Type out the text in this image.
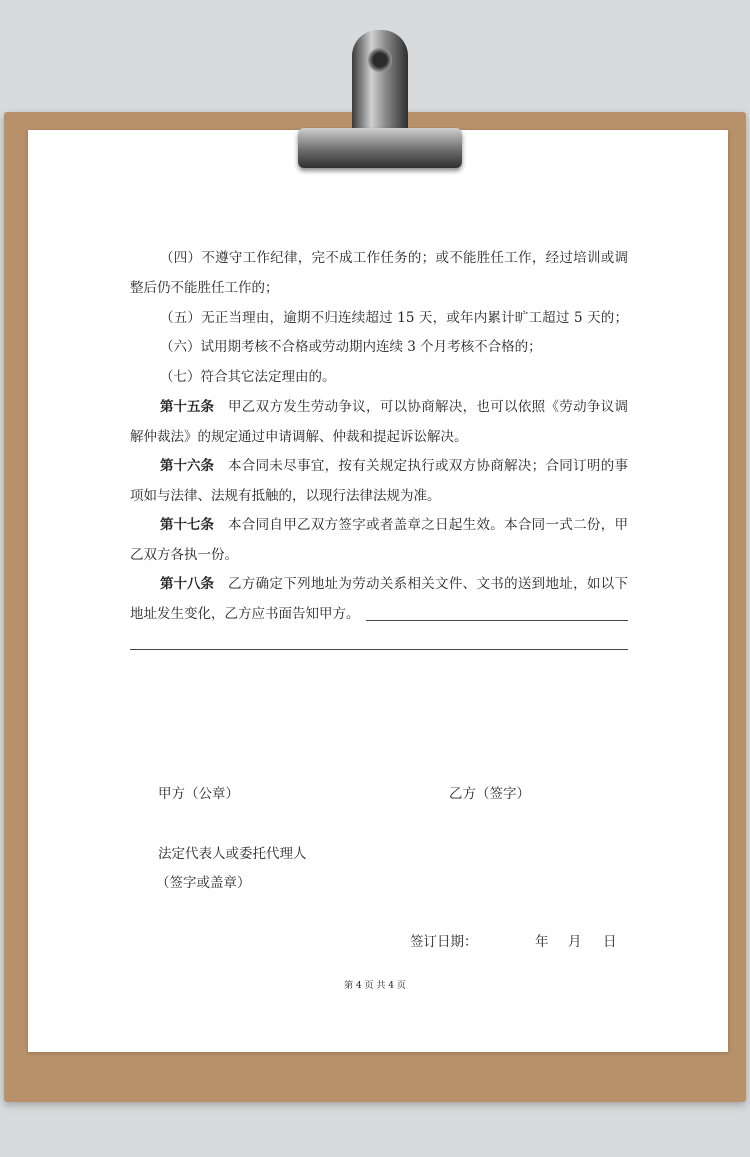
（四）不遵守工作纪律，完不成工作任务的；或不能胜任工作，经过培训或调
整后仍不能胜任工作的；
（五）无正当理由，逾期不归连续超过 15 天，或年内累计旷工超过 5 天的；
（六）试用期考核不合格或劳动期内连续 3 个月考核不合格的；
（七）符合其它法定理由的。
第十五条 甲乙双方发生劳动争议，可以协商解决，也可以依照《劳动争议调
解仲裁法》的规定通过申请调解、仲裁和提起诉讼解决。
第十六条 本合同未尽事宜，按有关规定执行或双方协商解决；合同订明的事
项如与法律、法规有抵触的，以现行法律法规为准。
第十七条 本合同自甲乙双方签字或者盖章之日起生效。本合同一式二份，甲
乙双方各执一份。
第十八条 乙方确定下列地址为劳动关系相关文件、文书的送到地址，如以下
地址发生变化，乙方应书面告知甲方。
甲方（公章）	乙方（签字）
法定代表人或委托代理人
（签字或盖章）
签订日期：	年 月 日
第 4 页 共 4 页
